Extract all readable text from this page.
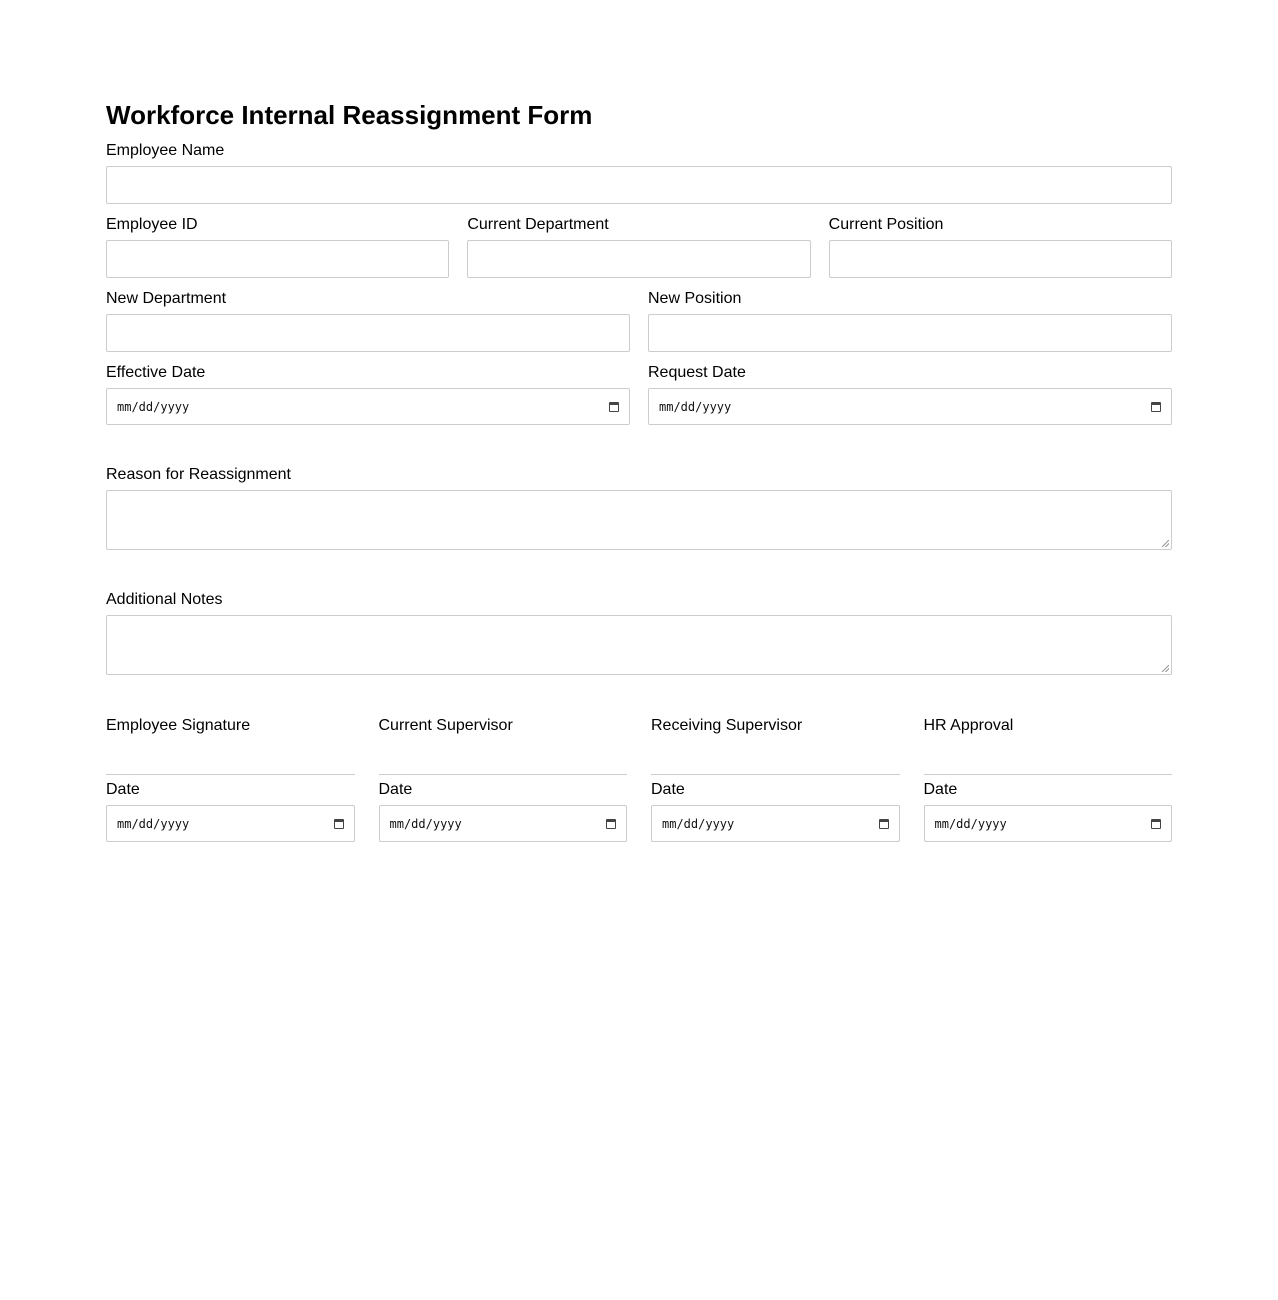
Workforce Internal Reassignment Form
Employee Name
Employee ID	Current Department	Current Position
New Department	New Position
Effective Date
mm/dd/yyyy
Request Date
mm/dd/yyyy
Reason for Reassignment
Additional Notes
Employee Signature
Date
mm/dd/yyyy
Current Supervisor
Date
mm/dd/yyyy
Receiving Supervisor
Date
mm/dd/yyyy
HR Approval
Date
mm/dd/yyyy
